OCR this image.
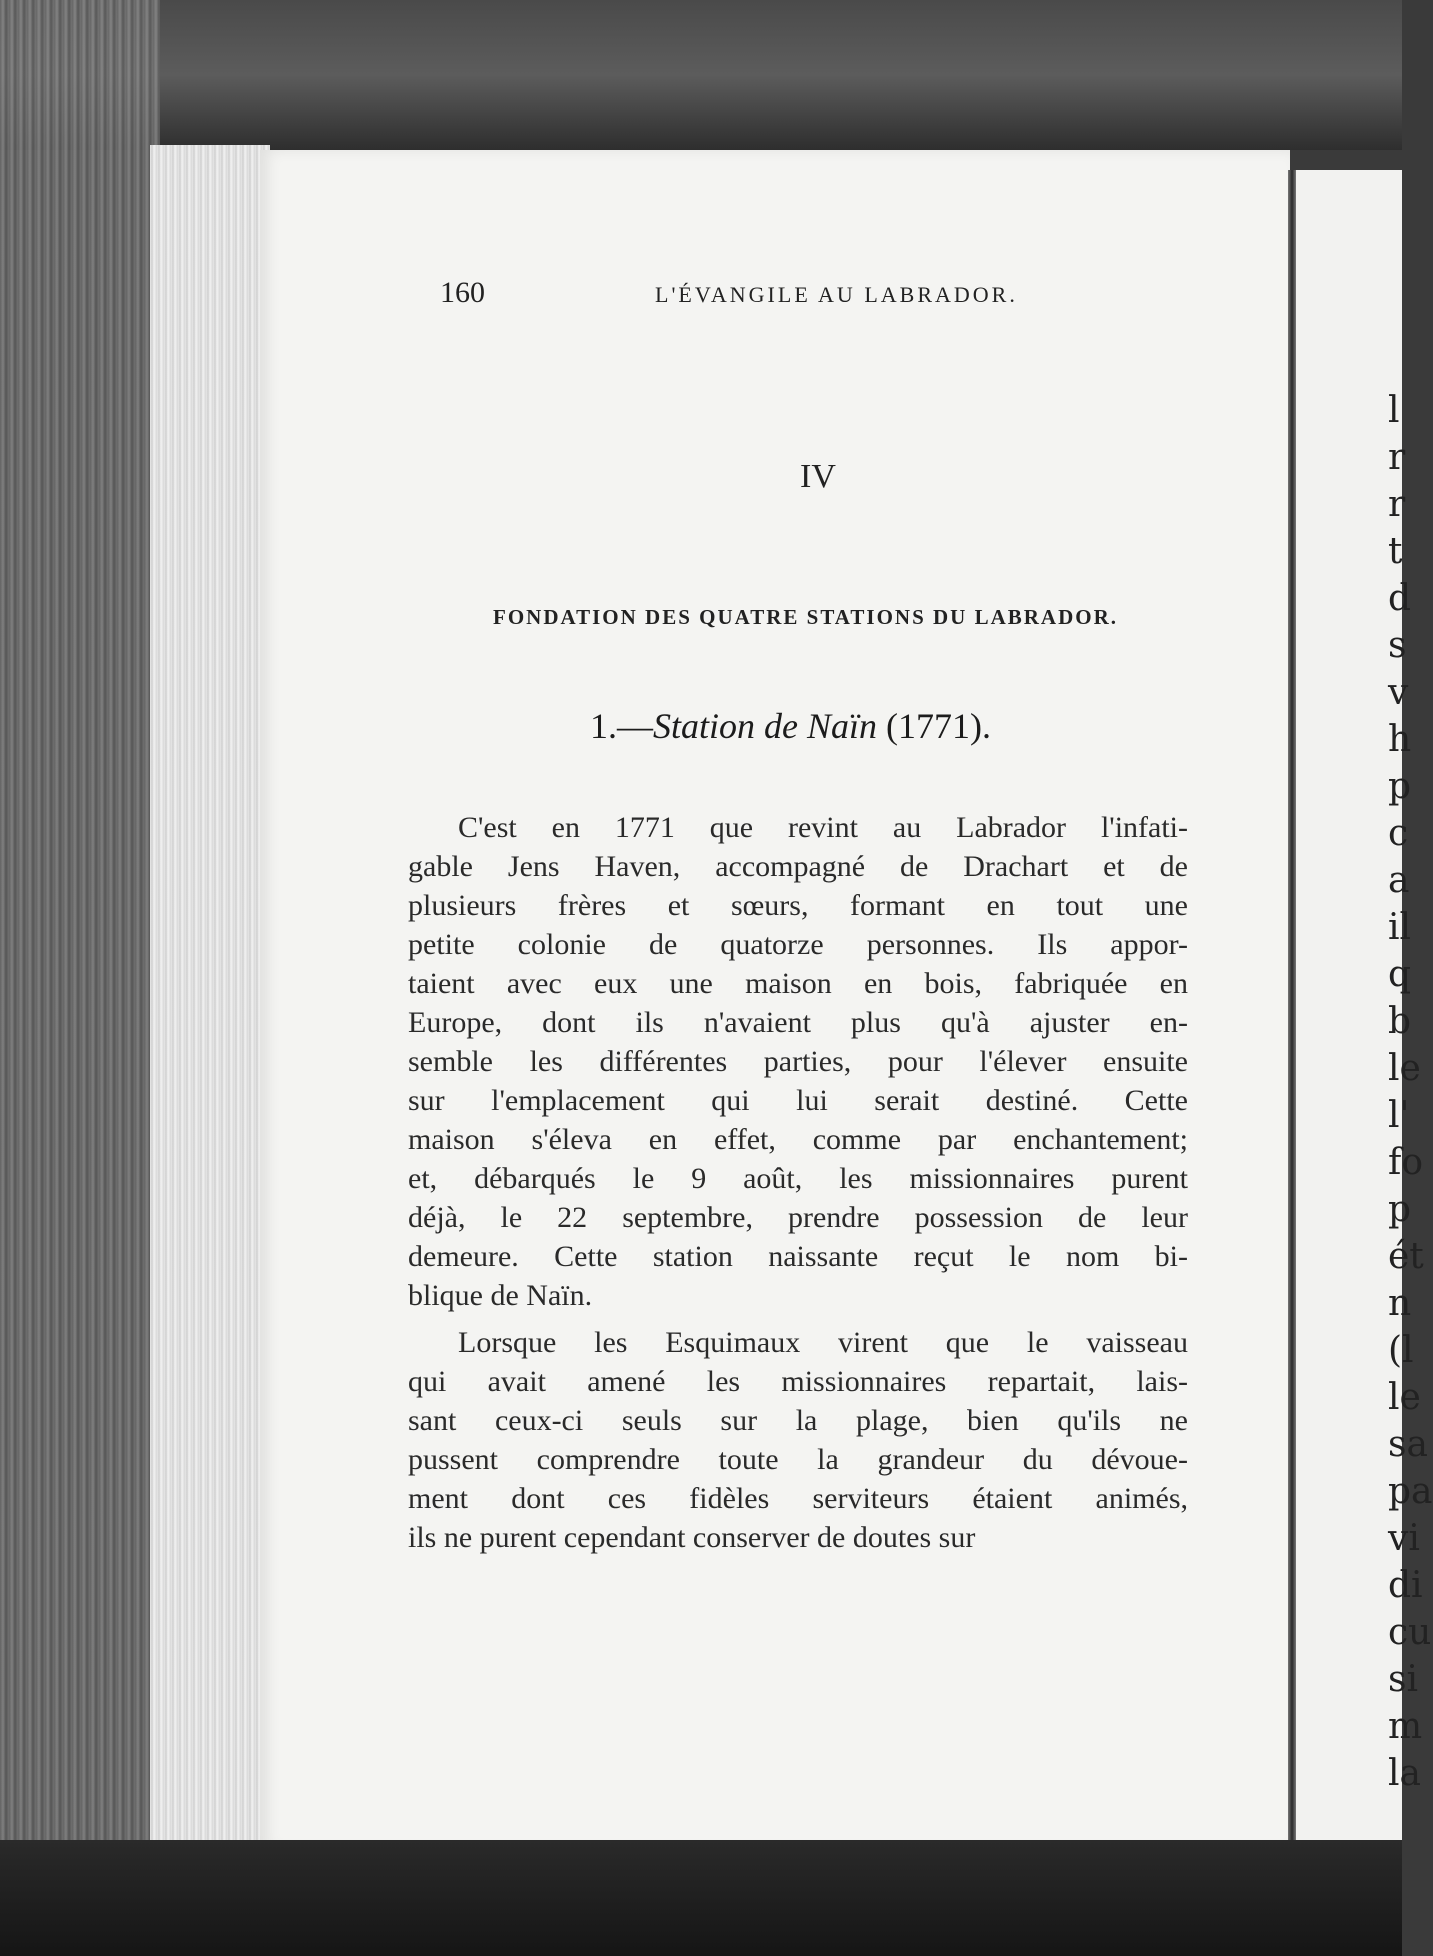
l
r
r
t
d
s
v
h
p
c
a
il
q
b
le
l'
fo
p
ét
n
(l
le
sa
pa
vi
di
cu
si
m
la
160	L'ÉVANGILE AU LABRADOR.
IV
FONDATION DES QUATRE STATIONS DU LABRADOR.
1.—Station de Naïn (1771).
C'est en 1771 que revint au Labrador l'infati-
gable Jens Haven, accompagné de Drachart et de
plusieurs frères et sœurs, formant en tout une
petite colonie de quatorze personnes. Ils appor-
taient avec eux une maison en bois, fabriquée en
Europe, dont ils n'avaient plus qu'à ajuster en-
semble les différentes parties, pour l'élever ensuite
sur l'emplacement qui lui serait destiné. Cette
maison s'éleva en effet, comme par enchantement;
et, débarqués le 9 août, les missionnaires purent
déjà, le 22 septembre, prendre possession de leur
demeure. Cette station naissante reçut le nom bi-
blique de Naïn.
Lorsque les Esquimaux virent que le vaisseau
qui avait amené les missionnaires repartait, lais-
sant ceux-ci seuls sur la plage, bien qu'ils ne
pussent comprendre toute la grandeur du dévoue-
ment dont ces fidèles serviteurs étaient animés,
ils ne purent cependant conserver de doutes sur
